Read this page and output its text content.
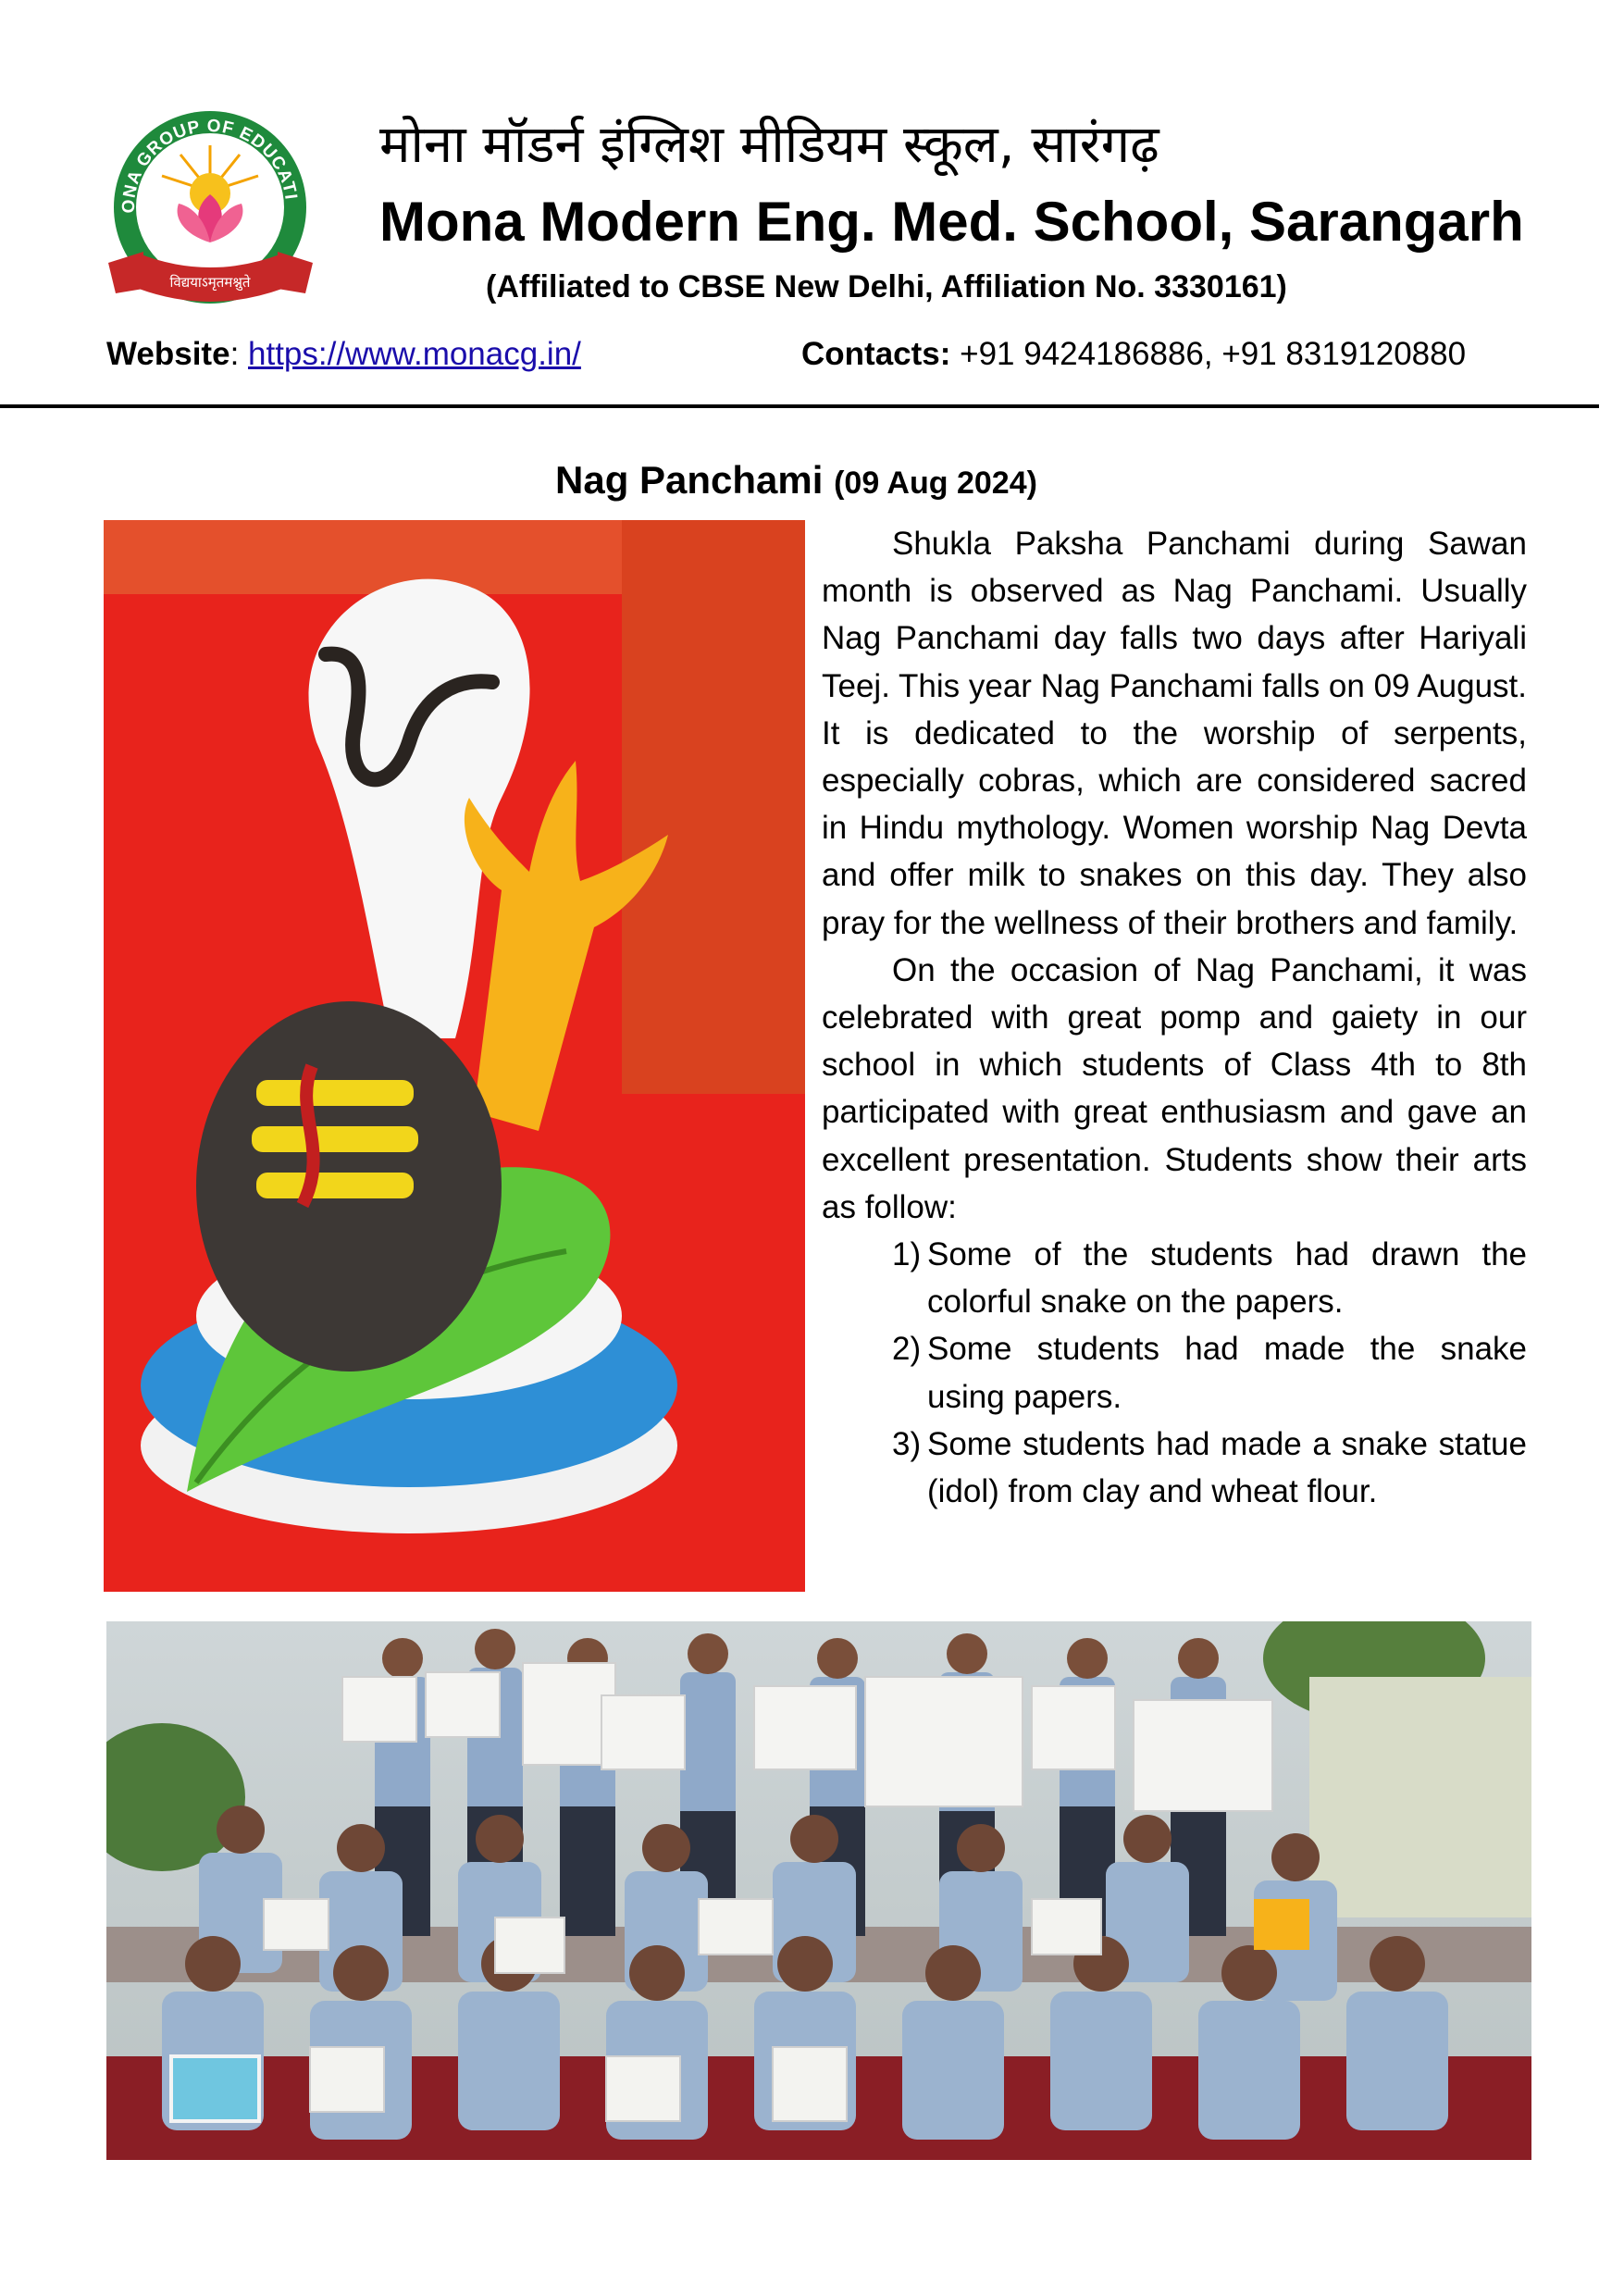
ONA GROUP OF EDUCATI
विद्ययाऽमृतमश्नुते
SARANGARH
मोना मॉडर्न इंग्लिश मीडियम स्कूल, सारंगढ़
Mona Modern Eng. Med. School, Sarangarh
(Affiliated to CBSE New Delhi, Affiliation No. 3330161)
Website: https://www.monacg.in/	Contacts: +91 9424186886, +91 8319120880
Nag Panchami (09 Aug 2024)

Shukla Paksha Panchami during Sawan month is observed as Nag Panchami. Usually Nag Panchami day falls two days after Hariyali Teej. This year Nag Panchami falls on 09 August. It is dedicated to the worship of serpents, especially cobras, which are considered sacred in Hindu mythology. Women worship Nag Devta and offer milk to snakes on this day. They also pray for the wellness of their brothers and family.

On the occasion of Nag Panchami, it was celebrated with great pomp and gaiety in our school in which students of Class 4th to 8th participated with great enthusiasm and gave an excellent presentation. Students show their arts as follow:

1) Some of the students had drawn the colorful snake on the papers.
2) Some students had made the snake using papers.
3) Some students had made a snake statue (idol) from clay and wheat flour.
